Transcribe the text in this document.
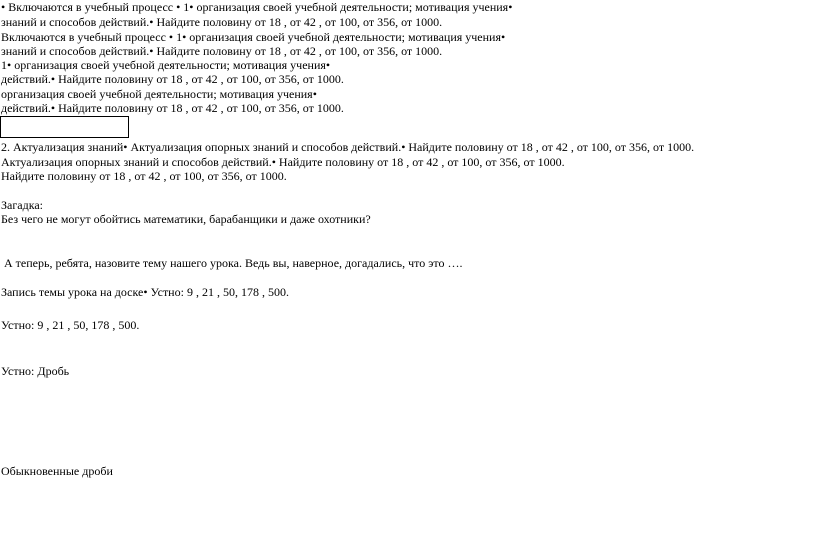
• Включаются в учебный процесс • 1• организация своей учебной деятельности; мотивация учения•
знаний и способов действий.• Найдите половину от 18 , от 42 , от 100, от 356, от 1000.
Включаются в учебный процесс • 1• организация своей учебной деятельности; мотивация учения•
знаний и способов действий.• Найдите половину от 18 , от 42 , от 100, от 356, от 1000.
1• организация своей учебной деятельности; мотивация учения•
действий.• Найдите половину от 18 , от 42 , от 100, от 356, от 1000.
организация своей учебной деятельности; мотивация учения•
действий.• Найдите половину от 18 , от 42 , от 100, от 356, от 1000.
2. Актуализация знаний• Актуализация опорных знаний и способов действий.• Найдите половину от 18 , от 42 , от 100, от 356, от 1000.
Актуализация опорных знаний и способов действий.• Найдите половину от 18 , от 42 , от 100, от 356, от 1000.
Найдите половину от 18 , от 42 , от 100, от 356, от 1000.
Загадка:
Без чего не могут обойтись математики, барабанщики и даже охотники?
А теперь, ребята, назовите тему нашего урока. Ведь вы, наверное, догадались, что это ….
Запись темы урока на доске• Устно: 9 , 21 , 50, 178 , 500.
Устно: 9 , 21 , 50, 178 , 500.
Устно: Дробь
Обыкновенные дроби
